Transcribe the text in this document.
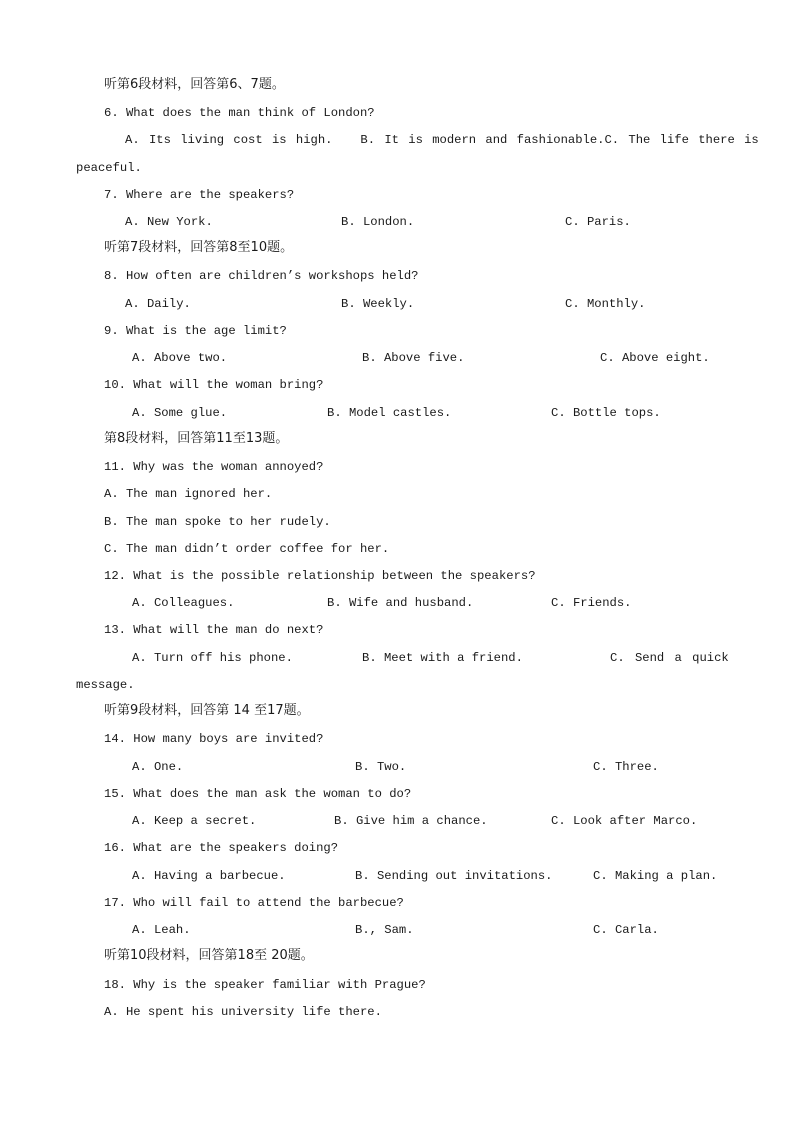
听第6段材料，回答第6、7题。
6. What does the man think of London?
A. Its living cost is high.   B. It is modern and fashionable.C. The life there is
peaceful.
7. Where are the speakers?
A. New York.	B. London.	C. Paris.
听第7段材料，回答第8至10题。
8. How often are children’s workshops held?
A. Daily.	B. Weekly.	C. Monthly.
9. What is the age limit?
A. Above two.	B. Above five.	C. Above eight.
10. What will the woman bring?
A. Some glue.	B. Model castles.	C. Bottle tops.
第8段材料，回答第11至13题。
11. Why was the woman annoyed?
A. The man ignored her.
B. The man spoke to her rudely.
C. The man didn’t order coffee for her.
12. What is the possible relationship between the speakers?
A. Colleagues.	B. Wife and husband.	C. Friends.
13. What will the man do next?
A. Turn off his phone.	B. Meet with a friend.	C. Send a quick
message.
听第9段材料，回答第 14 至17题。
14. How many boys are invited?
A. One.	B. Two.	C. Three.
15. What does the man ask the woman to do?
A. Keep a secret.	B. Give him a chance.	C. Look after Marco.
16. What are the speakers doing?
A. Having a barbecue.	B. Sending out invitations.	C. Making a plan.
17. Who will fail to attend the barbecue?
A. Leah.	B., Sam.	C. Carla.
听第10段材料，回答第18至 20题。
18. Why is the speaker familiar with Prague?
A. He spent his university life there.
